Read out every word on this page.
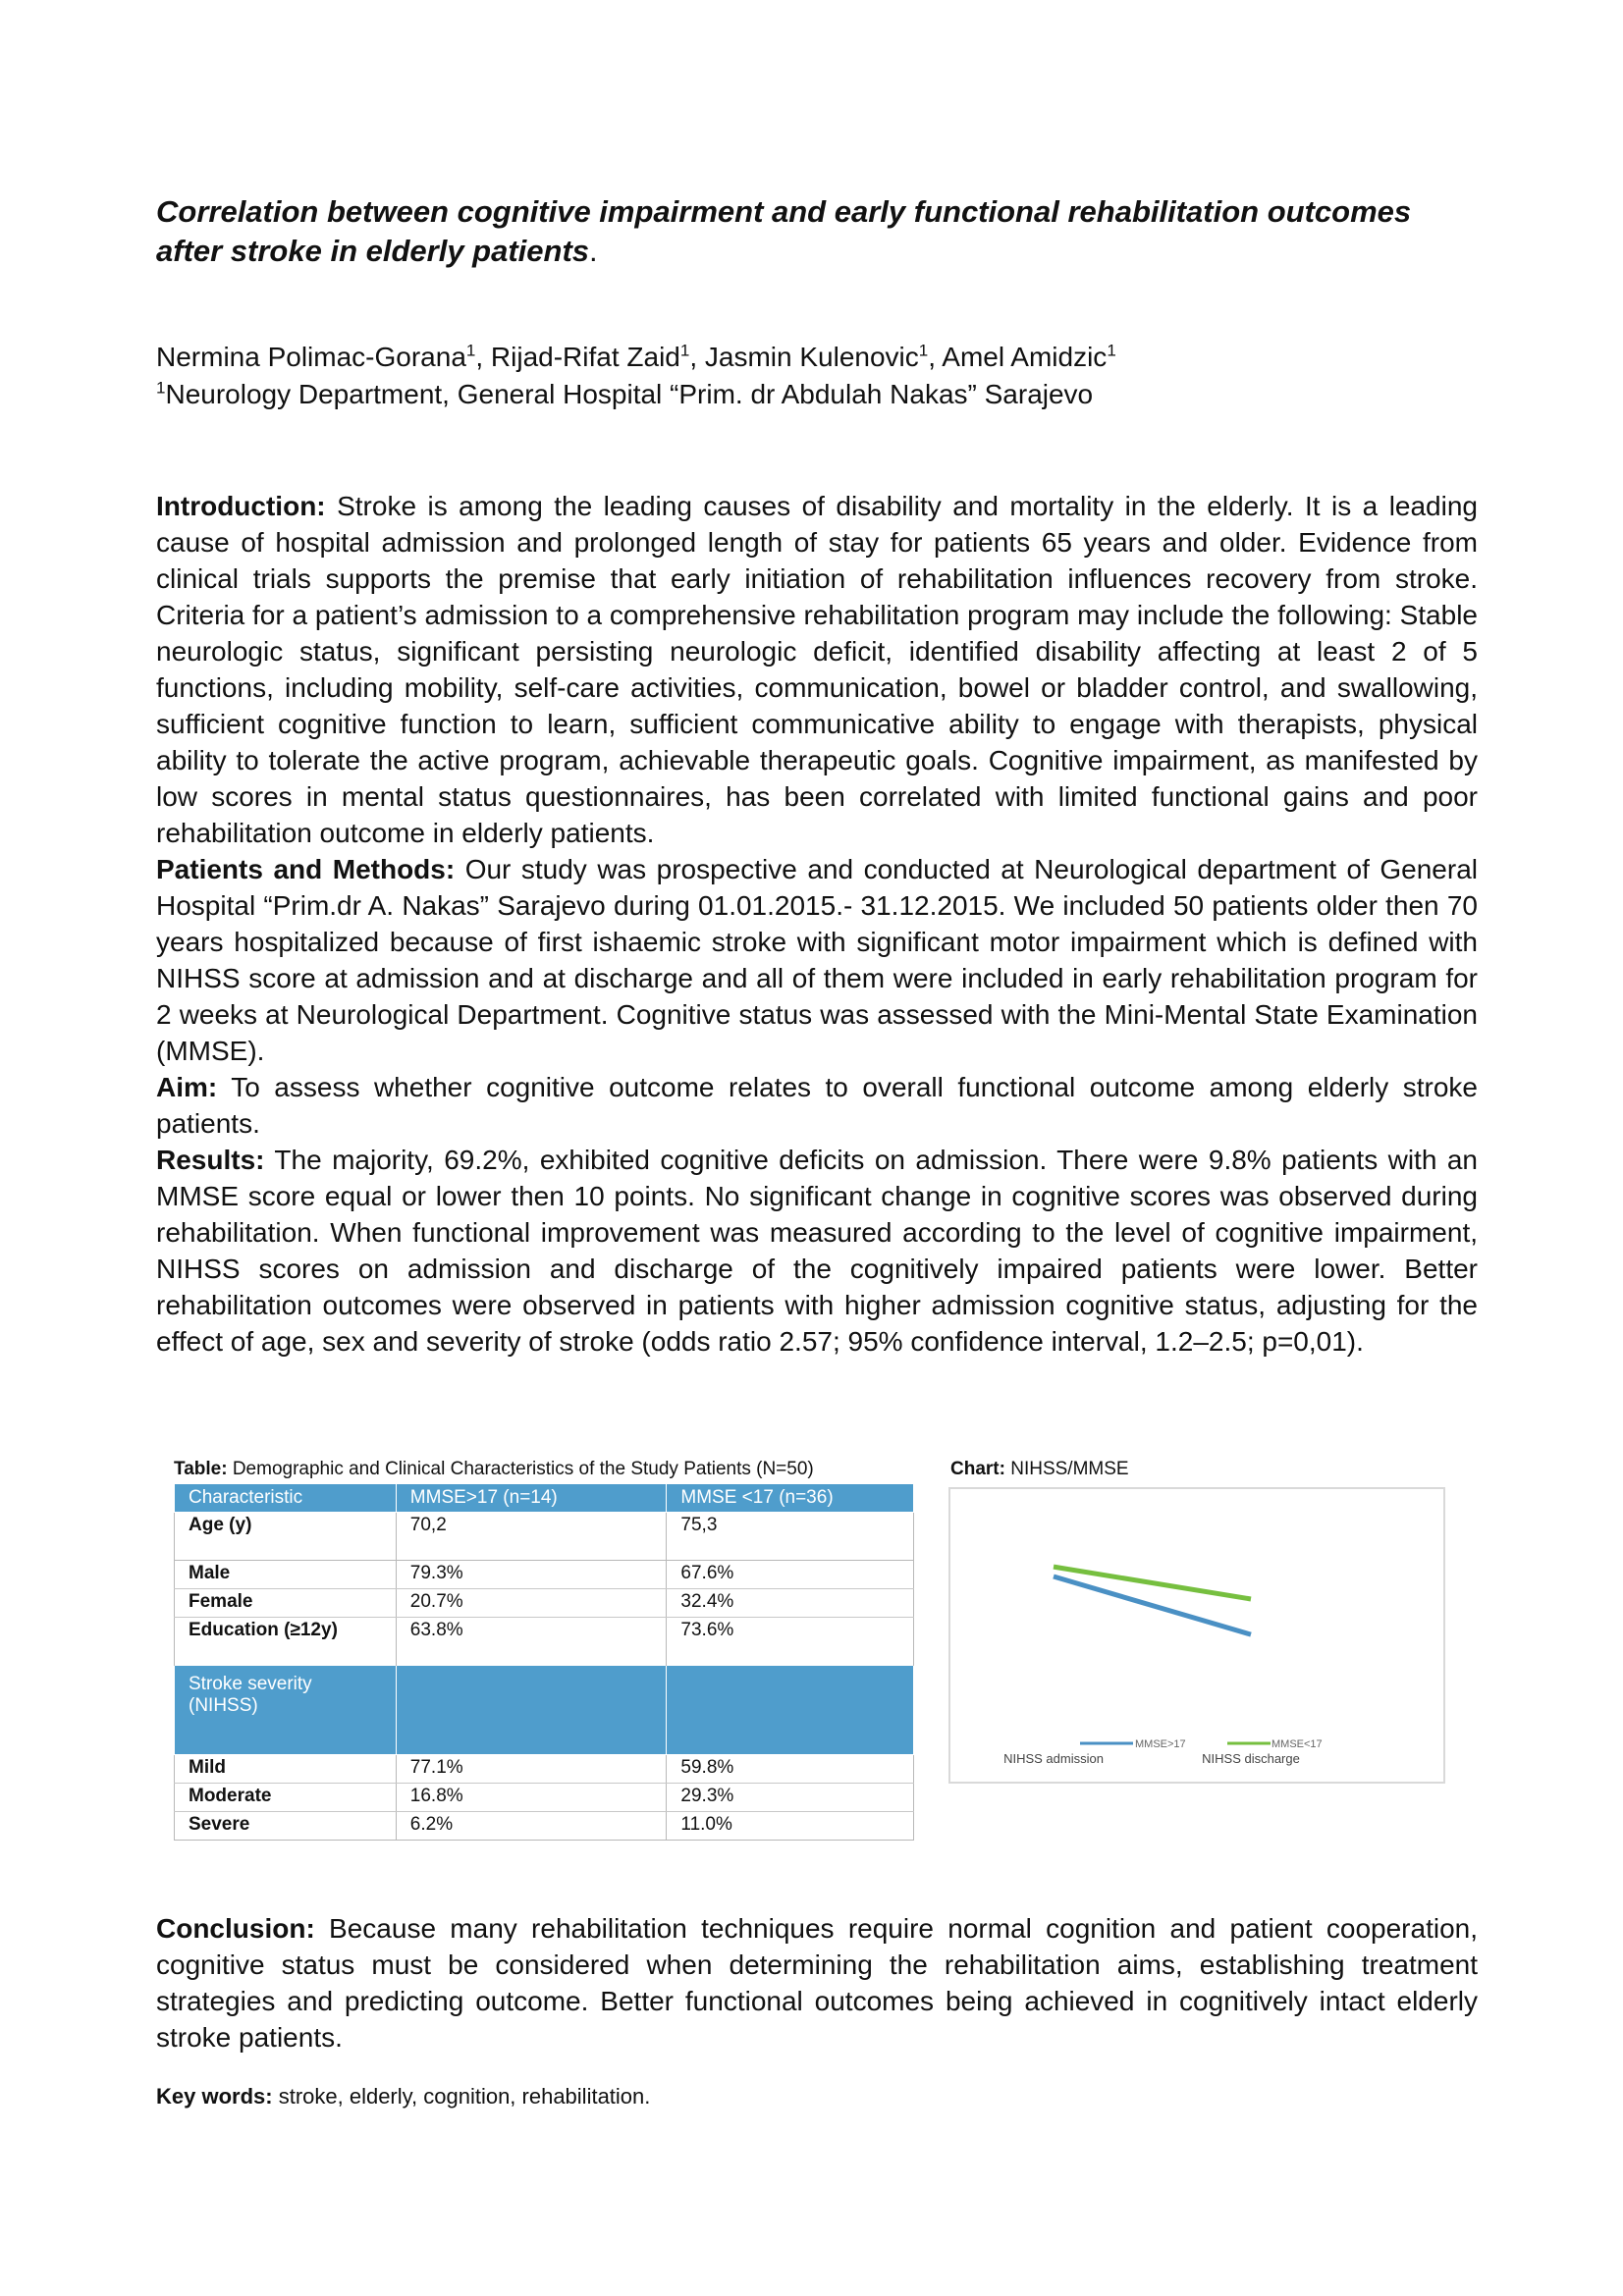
Correlation between cognitive impairment and early functional rehabilitation outcomes after stroke in elderly patients.
Nermina Polimac-Gorana$^1$, Rijad-Rifat Zaid$^1$, Jasmin Kulenovic$^1$, Amel Amidzic$^1$
$^1$Neurology Department, General Hospital “Prim. dr Abdulah Nakas” Sarajevo

Introduction: Stroke is among the leading causes of disability and mortality in the elderly. It is a leading cause of hospital admission and prolonged length of stay for patients 65 years and older. Evidence from clinical trials supports the premise that early initiation of rehabilitation influences recovery from stroke. Criteria for a patient’s admission to a comprehensive rehabilitation program may include the following: Stable neurologic status, significant persisting neurologic deficit, identified disability affecting at least 2 of 5 functions, including mobility, self-care activities, communication, bowel or bladder control, and swallowing, sufficient cognitive function to learn, sufficient communicative ability to engage with therapists, physical ability to tolerate the active program, achievable therapeutic goals. Cognitive impairment, as manifested by low scores in mental status questionnaires, has been correlated with limited functional gains and poor rehabilitation outcome in elderly patients.

Patients and Methods: Our study was prospective and conducted at Neurological department of General Hospital “Prim.dr A. Nakas” Sarajevo during 01.01.2015.- 31.12.2015. We included 50 patients older then 70 years hospitalized because of first ishaemic stroke with significant motor impairment which is defined with NIHSS score at admission and at discharge and all of them were included in early rehabilitation program for 2 weeks at Neurological Department. Cognitive status was assessed with the Mini-Mental State Examination (MMSE).

Aim: To assess whether cognitive outcome relates to overall functional outcome among elderly stroke patients.

Results: The majority, 69.2%, exhibited cognitive deficits on admission. There were 9.8% patients with an MMSE score equal or lower then 10 points. No significant change in cognitive scores was observed during rehabilitation. When functional improvement was measured according to the level of cognitive impairment, NIHSS scores on admission and discharge of the cognitively impaired patients were lower. Better rehabilitation outcomes were observed in patients with higher admission cognitive status, adjusting for the effect of age, sex and severity of stroke (odds ratio 2.57; 95% confidence interval, 1.2–2.5; p=0,01).

Table: Demographic and Clinical Characteristics of the Study Patients (N=50)
Characteristic	MMSE>17 (n=14)	MMSE <17 (n=36)
Age (y)	70,2	75,3
Male	79.3%	67.6%
Female	20.7%	32.4%
Education (≥12y)	63.8%	73.6%
Stroke severity (NIHSS)		
Mild	77.1%	59.8%
Moderate	16.8%	29.3%
Severe	6.2%	11.0%
Chart: NIHSS/MMSE
NIHSS admission	NIHSS discharge
MMSE>17	MMSE<17

Conclusion: Because many rehabilitation techniques require normal cognition and patient cooperation, cognitive status must be considered when determining the rehabilitation aims, establishing treatment strategies and predicting outcome. Better functional outcomes being achieved in cognitively intact elderly stroke patients.

Key words: stroke, elderly, cognition, rehabilitation.
